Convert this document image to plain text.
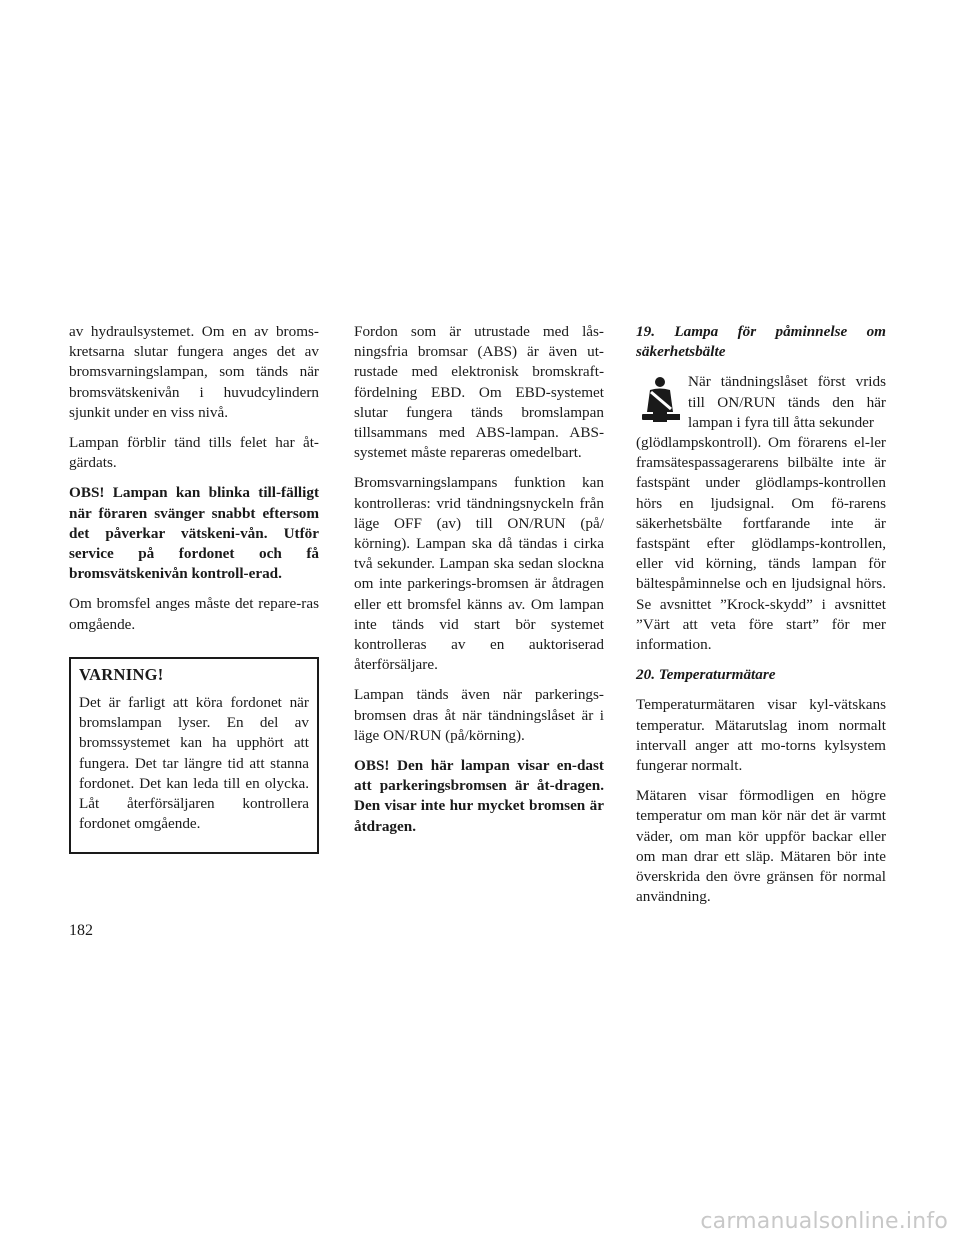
av hydraulsystemet. Om en av broms-kretsarna slutar fungera anges det av bromsvarningslampan, som tänds när bromsvätskenivån i huvudcylindern sjunkit under en viss nivå.

Lampan förblir tänd tills felet har åt-gärdats.

OBS! Lampan kan blinka till-fälligt när föraren svänger snabbt eftersom det påverkar vätskeni-vån. Utför service på fordonet och få bromsvätskenivån kontroll-erad.

Om bromsfel anges måste det repare-ras omgående.

VARNING!

Det är farligt att köra fordonet när bromslampan lyser. En del av bromssystemet kan ha upphört att fungera. Det tar längre tid att stanna fordonet. Det kan leda till en olycka. Låt återförsäljaren kontrollera fordonet omgående.

Fordon som är utrustade med lås-ningsfria bromsar (ABS) är även ut-rustade med elektronisk bromskraft-fördelning EBD. Om EBD-systemet slutar fungera tänds bromslampan tillsammans med ABS-lampan. ABS-systemet måste repareras omedelbart.

Bromsvarningslampans funktion kan kontrolleras: vrid tändningsnyckeln från läge OFF (av) till ON/RUN (på/ körning). Lampan ska då tändas i cirka två sekunder. Lampan ska sedan slockna om inte parkerings-bromsen är åtdragen eller ett bromsfel känns av. Om lampan inte tänds vid start bör systemet kontrolleras av en auktoriserad återförsäljare.

Lampan tänds även när parkerings-bromsen dras åt när tändningslåset är i läge ON/RUN (på/körning).

OBS! Den här lampan visar en-dast att parkeringsbromsen är åt-dragen. Den visar inte hur mycket bromsen är åtdragen.

19. Lampa för påminnelse om säkerhetsbälte

När tändningslåset först vrids till ON/RUN tänds den här lampan i fyra till åtta sekunder

(glödlampskontroll). Om förarens el-ler framsätespassagerarens bilbälte inte är fastspänt under glödlamps-kontrollen hörs en ljudsignal. Om fö-rarens säkerhetsbälte fortfarande inte är fastspänt efter glödlamps-kontrollen, eller vid körning, tänds lampan för bältespåminnelse och en ljudsignal hörs. Se avsnittet ”Krock-skydd” i avsnittet ”Värt att veta före start” för mer information.

20. Temperaturmätare

Temperaturmätaren visar kyl-vätskans temperatur. Mätarutslag inom normalt intervall anger att mo-torns kylsystem fungerar normalt.

Mätaren visar förmodligen en högre temperatur om man kör när det är varmt väder, om man kör uppför backar eller om man drar ett släp. Mätaren bör inte överskrida den övre gränsen för normal användning.

182
carmanualsonline.info
